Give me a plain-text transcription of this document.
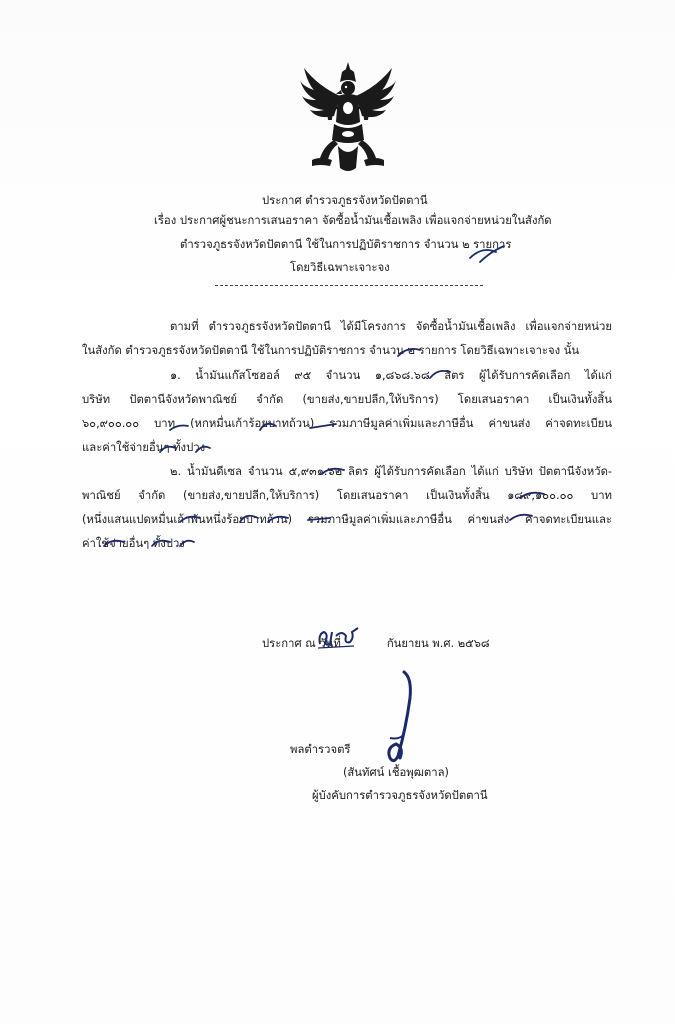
ประกาศ ตำรวจภูธรจังหวัดปัตตานี
เรื่อง ประกาศผู้ชนะการเสนอราคา จัดซื้อน้ำมันเชื้อเพลิง เพื่อแจกจ่ายหน่วยในสังกัด
ตำรวจภูธรจังหวัดปัตตานี ใช้ในการปฏิบัติราชการ จำนวน ๒ รายการ
โดยวิธีเฉพาะเจาะจง
ตามที่ ตำรวจภูธรจังหวัดปัตตานี ได้มีโครงการ จัดซื้อน้ำมันเชื้อเพลิง เพื่อแจกจ่ายหน่วย
ในสังกัด ตำรวจภูธรจังหวัดปัตตานี ใช้ในการปฏิบัติราชการ จำนวน ๒ รายการ โดยวิธีเฉพาะเจาะจง นั้น
๑. น้ำมันแก๊สโซฮอล์ ๙๕ จำนวน ๑,๘๖๘.๖๘ ลิตร ผู้ได้รับการคัดเลือก ได้แก่
บริษัท ปัตตานีจังหวัดพาณิชย์ จำกัด (ขายส่ง,ขายปลีก,ให้บริการ) โดยเสนอราคา เป็นเงินทั้งสิ้น
๖๐,๙๐๐.๐๐ บาท (หกหมื่นเก้าร้อยบาทถ้วน) รวมภาษีมูลค่าเพิ่มและภาษีอื่น ค่าขนส่ง ค่าจดทะเบียน
และค่าใช้จ่ายอื่นๆ ทั้งปวง
๒. น้ำมันดีเซล จำนวน ๕,๙๓๑.๖๒ ลิตร ผู้ได้รับการคัดเลือก ได้แก่ บริษัท ปัตตานีจังหวัด-
พาณิชย์ จำกัด (ขายส่ง,ขายปลีก,ให้บริการ) โดยเสนอราคา เป็นเงินทั้งสิ้น ๑๘๙,๑๐๐.๐๐ บาท
(หนึ่งแสนแปดหมื่นเก้าพันหนึ่งร้อยบาทถ้วน) รวมภาษีมูลค่าเพิ่มและภาษีอื่น ค่าขนส่ง ค่าจดทะเบียนและ
ค่าใช้จ่ายอื่นๆ ทั้งปวง
ประกาศ ณ วันที่	กันยายน พ.ศ. ๒๕๖๘
พลตำรวจตรี
(สันทัศน์ เชื้อพุฒตาล)
ผู้บังคับการตำรวจภูธรจังหวัดปัตตานี
